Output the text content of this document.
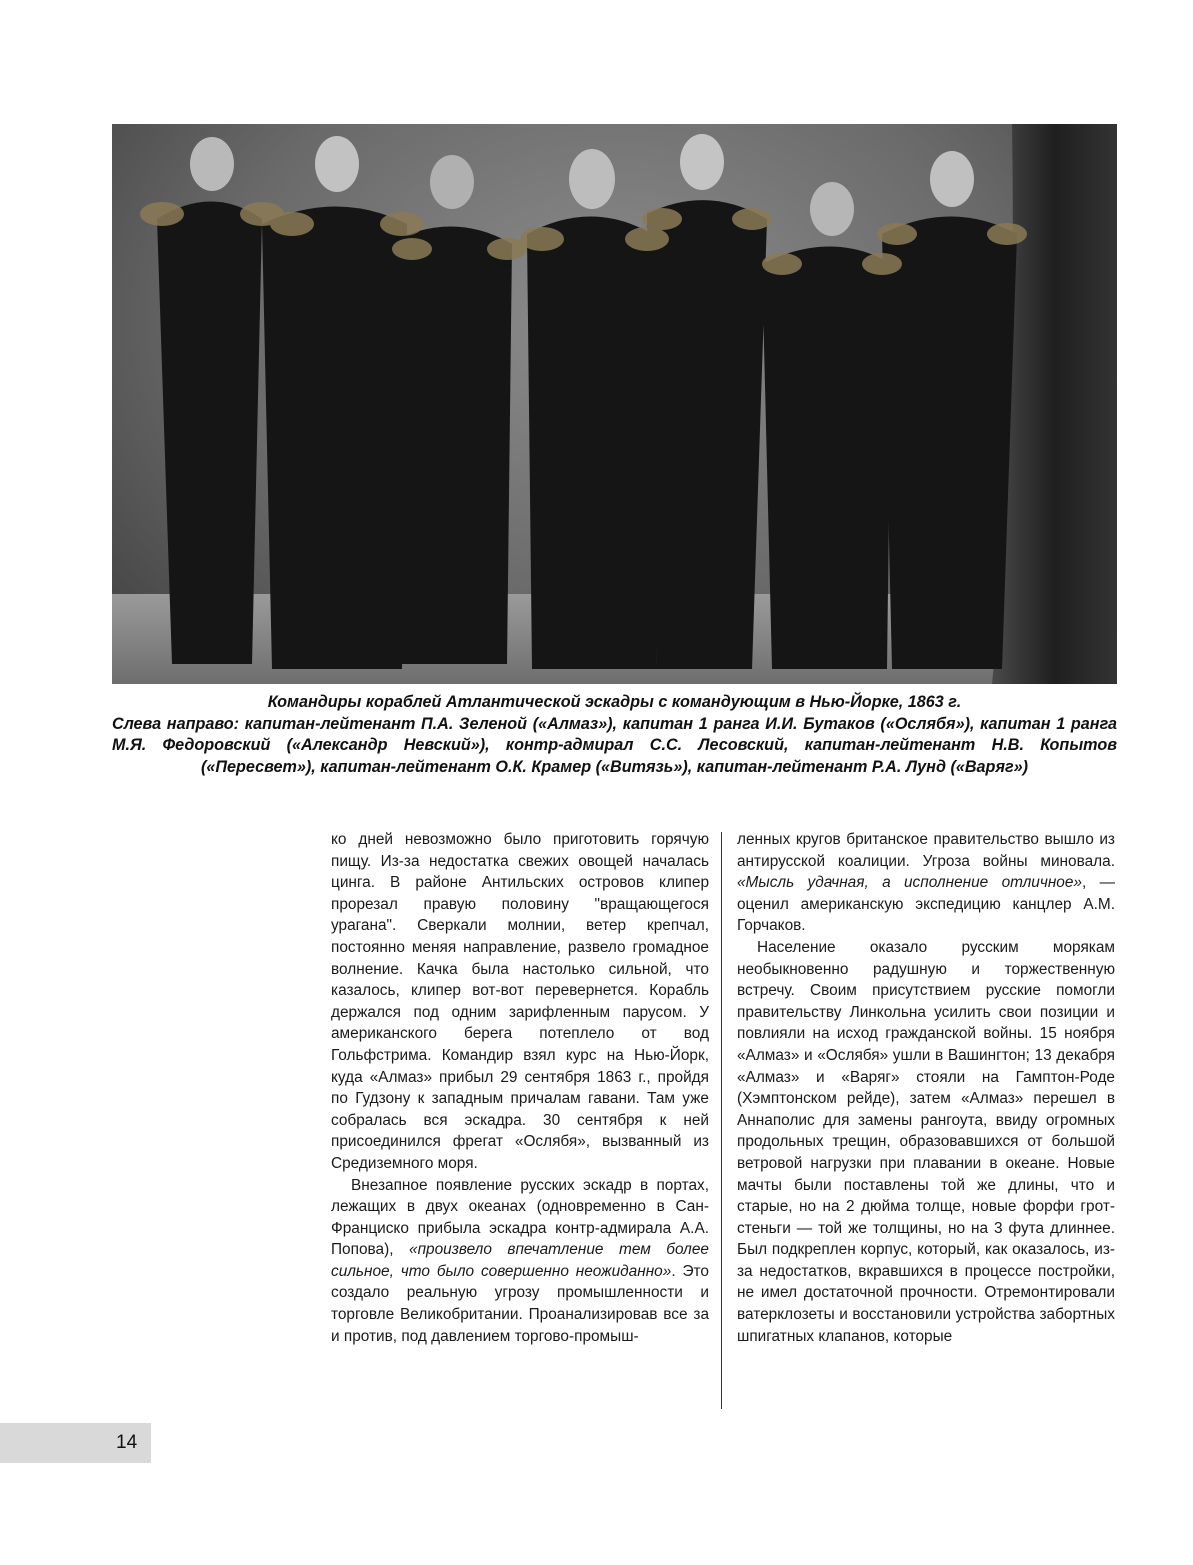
Командиры кораблей Атлантической эскадры с командующим в Нью-Йорке, 1863 г.

Слева направо: капитан-лейтенант П.А. Зеленой («Алмаз»), капитан 1 ранга И.И. Бутаков («Ослябя»), капитан 1 ранга М.Я. Федоровский («Александр Невский»), контр-адмирал С.С. Лесовский, капитан-лейтенант Н.В. Копытов («Пересвет»), капитан-лейтенант О.К. Крамер («Витязь»), капитан-лейтенант Р.А. Лунд («Варяг»)

ко дней невозможно было приготовить горячую пищу. Из-за недостатка свежих овощей началась цинга. В районе Антильских островов клипер прорезал правую половину "вращающегося урагана". Сверкали молнии, ветер крепчал, постоянно меняя направление, развело громадное волнение. Качка была настолько сильной, что казалось, клипер вот-вот перевернется. Корабль держался под одним зарифленным парусом. У американского берега потеплело от вод Гольфстрима. Командир взял курс на Нью-Йорк, куда «Алмаз» прибыл 29 сентября 1863 г., пройдя по Гудзону к западным причалам гавани. Там уже собралась вся эскадра. 30 сентября к ней присоединился фрегат «Ослябя», вызванный из Средиземного моря.

Внезапное появление русских эскадр в портах, лежащих в двух океанах (одновременно в Сан-Франциско прибыла эскадра контр-адмирала А.А. Попова), «произвело впечатление тем более сильное, что было совершенно неожиданно». Это создало реальную угрозу промышленности и торговле Великобритании. Проанализировав все за и против, под давлением торгово-промыш-

ленных кругов британское правительство вышло из антирусской коалиции. Угроза войны миновала. «Мысль удачная, а исполнение отличное», — оценил американскую экспедицию канцлер А.М. Горчаков.

Население оказало русским морякам необыкновенно радушную и торжественную встречу. Своим присутствием русские помогли правительству Линкольна усилить свои позиции и повлияли на исход гражданской войны. 15 ноября «Алмаз» и «Ослябя» ушли в Вашингтон; 13 декабря «Алмаз» и «Варяг» стояли на Гамптон-Роде (Хэмптонском рейде), затем «Алмаз» перешел в Аннаполис для замены рангоута, ввиду огромных продольных трещин, образовавшихся от большой ветровой нагрузки при плавании в океане. Новые мачты были поставлены той же длины, что и старые, но на 2 дюйма толще, новые форфи грот-стеньги — той же толщины, но на 3 фута длиннее. Был подкреплен корпус, который, как оказалось, из-за недостатков, вкравшихся в процессе постройки, не имел достаточной прочности. Отремонтировали ватерклозеты и восстановили устройства забортных шпигатных клапанов, которые

14
